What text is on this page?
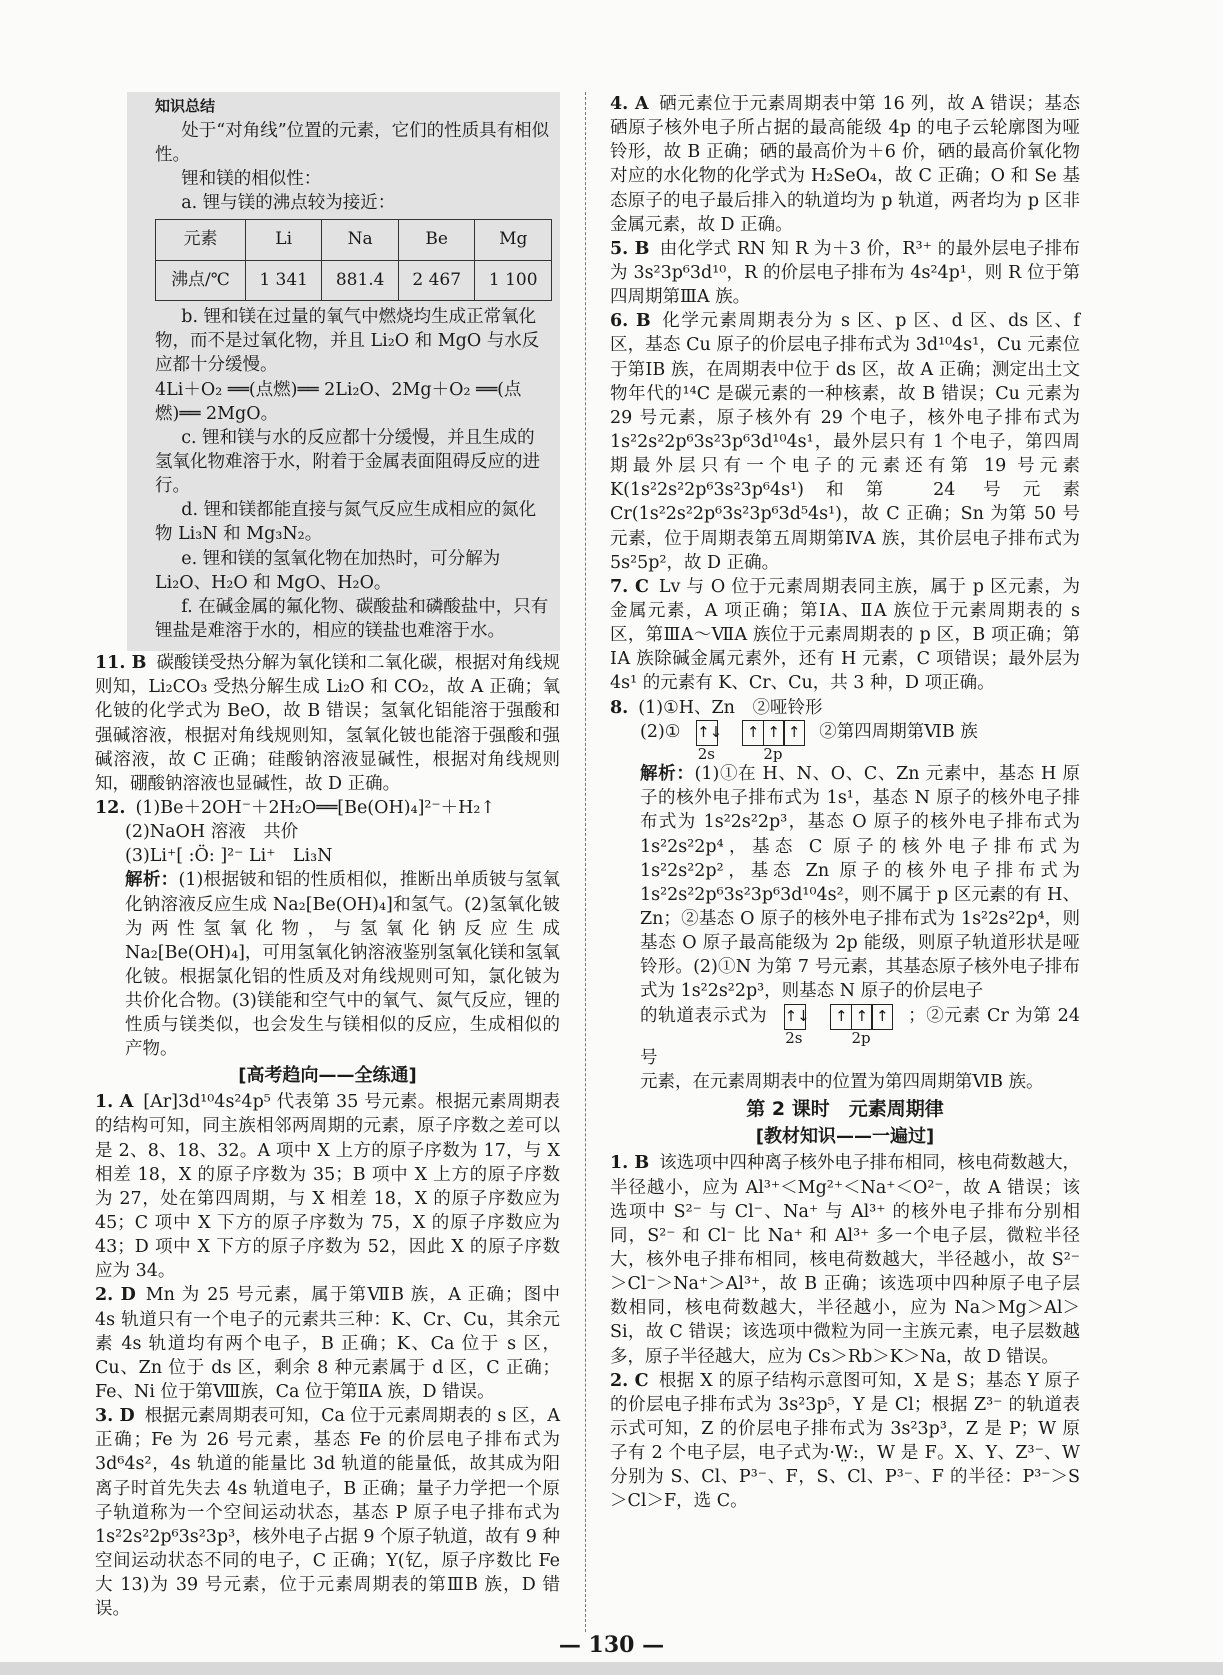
知识总结

处于“对角线”位置的元素，它们的性质具有相似性。

锂和镁的相似性：

a. 锂与镁的沸点较为接近：

元素	Li	Na	Be	Mg
沸点/℃	1 341	881.4	2 467	1 100

b. 锂和镁在过量的氧气中燃烧均生成正常氧化物，而不是过氧化物，并且 Li₂O 和 MgO 与水反应都十分缓慢。

4Li＋O₂ ══(点燃)══ 2Li₂O、2Mg＋O₂ ══(点燃)══ 2MgO。

c. 锂和镁与水的反应都十分缓慢，并且生成的氢氧化物难溶于水，附着于金属表面阻碍反应的进行。

d. 锂和镁都能直接与氮气反应生成相应的氮化物 Li₃N 和 Mg₃N₂。

e. 锂和镁的氢氧化物在加热时，可分解为 Li₂O、H₂O 和 MgO、H₂O。

f. 在碱金属的氟化物、碳酸盐和磷酸盐中，只有锂盐是难溶于水的，相应的镁盐也难溶于水。

11. B 碳酸镁受热分解为氧化镁和二氧化碳，根据对角线规则知，Li₂CO₃ 受热分解生成 Li₂O 和 CO₂，故 A 正确；氧化铍的化学式为 BeO，故 B 错误；氢氧化铝能溶于强酸和强碱溶液，根据对角线规则知，氢氧化铍也能溶于强酸和强碱溶液，故 C 正确；硅酸钠溶液显碱性，根据对角线规则知，硼酸钠溶液也显碱性，故 D 正确。

12. (1)Be＋2OH⁻＋2H₂O══[Be(OH)₄]²⁻＋H₂↑

(2)NaOH 溶液　共价

(3)Li⁺[ :Ö: ]²⁻ Li⁺　Li₃N

解析：(1)根据铍和铝的性质相似，推断出单质铍与氢氧化钠溶液反应生成 Na₂[Be(OH)₄]和氢气。(2)氢氧化铍为两性氢氧化物，与氢氧化钠反应生成 Na₂[Be(OH)₄]，可用氢氧化钠溶液鉴别氢氧化镁和氢氧化铍。根据氯化铝的性质及对角线规则可知，氯化铍为共价化合物。(3)镁能和空气中的氧气、氮气反应，锂的性质与镁类似，也会发生与镁相似的反应，生成相似的产物。

[高考趋向——全练通]

1. A [Ar]3d¹⁰4s²4p⁵ 代表第 35 号元素。根据元素周期表的结构可知，同主族相邻两周期的元素，原子序数之差可以是 2、8、18、32。A 项中 X 上方的原子序数为 17，与 X 相差 18，X 的原子序数为 35；B 项中 X 上方的原子序数为 27，处在第四周期，与 X 相差 18，X 的原子序数应为 45；C 项中 X 下方的原子序数为 75，X 的原子序数应为 43；D 项中 X 下方的原子序数为 52，因此 X 的原子序数应为 34。

2. D Mn 为 25 号元素，属于第ⅦB 族，A 正确；图中 4s 轨道只有一个电子的元素共三种：K、Cr、Cu，其余元素 4s 轨道均有两个电子，B 正确；K、Ca 位于 s 区，Cu、Zn 位于 ds 区，剩余 8 种元素属于 d 区，C 正确；Fe、Ni 位于第Ⅷ族，Ca 位于第ⅡA 族，D 错误。

3. D 根据元素周期表可知，Ca 位于元素周期表的 s 区，A 正确；Fe 为 26 号元素，基态 Fe 的价层电子排布式为 3d⁶4s²，4s 轨道的能量比 3d 轨道的能量低，故其成为阳离子时首先失去 4s 轨道电子，B 正确；量子力学把一个原子轨道称为一个空间运动状态，基态 P 原子电子排布式为 1s²2s²2p⁶3s²3p³，核外电子占据 9 个原子轨道，故有 9 种空间运动状态不同的电子，C 正确；Y(钇，原子序数比 Fe 大 13)为 39 号元素，位于元素周期表的第ⅢB 族，D 错误。

4. A 硒元素位于元素周期表中第 16 列，故 A 错误；基态硒原子核外电子所占据的最高能级 4p 的电子云轮廓图为哑铃形，故 B 正确；硒的最高价为＋6 价，硒的最高价氧化物对应的水化物的化学式为 H₂SeO₄，故 C 正确；O 和 Se 基态原子的电子最后排入的轨道均为 p 轨道，两者均为 p 区非金属元素，故 D 正确。

5. B 由化学式 RN 知 R 为＋3 价，R³⁺ 的最外层电子排布为 3s²3p⁶3d¹⁰，R 的价层电子排布为 4s²4p¹，则 R 位于第四周期第ⅢA 族。

6. B 化学元素周期表分为 s 区、p 区、d 区、ds 区、f 区，基态 Cu 原子的价层电子排布式为 3d¹⁰4s¹，Cu 元素位于第ⅠB 族，在周期表中位于 ds 区，故 A 正确；测定出土文物年代的¹⁴C 是碳元素的一种核素，故 B 错误；Cu 元素为 29 号元素，原子核外有 29 个电子，核外电子排布式为 1s²2s²2p⁶3s²3p⁶3d¹⁰4s¹，最外层只有 1 个电子，第四周期最外层只有一个电子的元素还有第 19 号元素 K(1s²2s²2p⁶3s²3p⁶4s¹)和第 24 号元素 Cr(1s²2s²2p⁶3s²3p⁶3d⁵4s¹)，故 C 正确；Sn 为第 50 号元素，位于周期表第五周期第ⅣA 族，其价层电子排布式为 5s²5p²，故 D 正确。

7. C Lv 与 O 位于元素周期表同主族，属于 p 区元素，为金属元素，A 项正确；第ⅠA、ⅡA 族位于元素周期表的 s 区，第ⅢA～ⅦA 族位于元素周期表的 p 区，B 项正确；第ⅠA 族除碱金属元素外，还有 H 元素，C 项错误；最外层为 4s¹ 的元素有 K、Cr、Cu，共 3 种，D 项正确。

8. (1)①H、Zn　②哑铃形

(2)① ↑↓
2s

↑ ↑ ↑
2p
②第四周期第ⅥB 族

解析：(1)①在 H、N、O、C、Zn 元素中，基态 H 原子的核外电子排布式为 1s¹，基态 N 原子的核外电子排布式为 1s²2s²2p³，基态 O 原子的核外电子排布式为 1s²2s²2p⁴，基态 C 原子的核外电子排布式为 1s²2s²2p²，基态 Zn 原子的核外电子排布式为 1s²2s²2p⁶3s²3p⁶3d¹⁰4s²，则不属于 p 区元素的有 H、Zn；②基态 O 原子的核外电子排布式为 1s²2s²2p⁴，则基态 O 原子最高能级为 2p 能级，则原子轨道形状是哑铃形。(2)①N 为第 7 号元素，其基态原子核外电子排布式为 1s²2s²2p³，则基态 N 原子的价层电子

的轨道表示式为 ↑↓
2s

↑ ↑ ↑
2p
；②元素 Cr 为第 24 号

元素，在元素周期表中的位置为第四周期第ⅥB 族。

第 2 课时　元素周期律
[教材知识——一遍过]

1. B 该选项中四种离子核外电子排布相同，核电荷数越大，半径越小，应为 Al³⁺＜Mg²⁺＜Na⁺＜O²⁻，故 A 错误；该选项中 S²⁻ 与 Cl⁻、Na⁺ 与 Al³⁺ 的核外电子排布分别相同，S²⁻ 和 Cl⁻ 比 Na⁺ 和 Al³⁺ 多一个电子层，微粒半径大，核外电子排布相同，核电荷数越大，半径越小，故 S²⁻＞Cl⁻＞Na⁺＞Al³⁺，故 B 正确；该选项中四种原子电子层数相同，核电荷数越大，半径越小，应为 Na＞Mg＞Al＞Si，故 C 错误；该选项中微粒为同一主族元素，电子层数越多，原子半径越大，应为 Cs＞Rb＞K＞Na，故 D 错误。

2. C 根据 X 的原子结构示意图可知，X 是 S；基态 Y 原子的价层电子排布式为 3s²3p⁵，Y 是 Cl；根据 Z³⁻ 的轨道表示式可知，Z 的价层电子排布式为 3s²3p³，Z 是 P；W 原子有 2 个电子层，电子式为·W̤:，W 是 F。X、Y、Z³⁻、W 分别为 S、Cl、P³⁻、F，S、Cl、P³⁻、F 的半径：P³⁻＞S＞Cl＞F，选 C。

— 130 —
